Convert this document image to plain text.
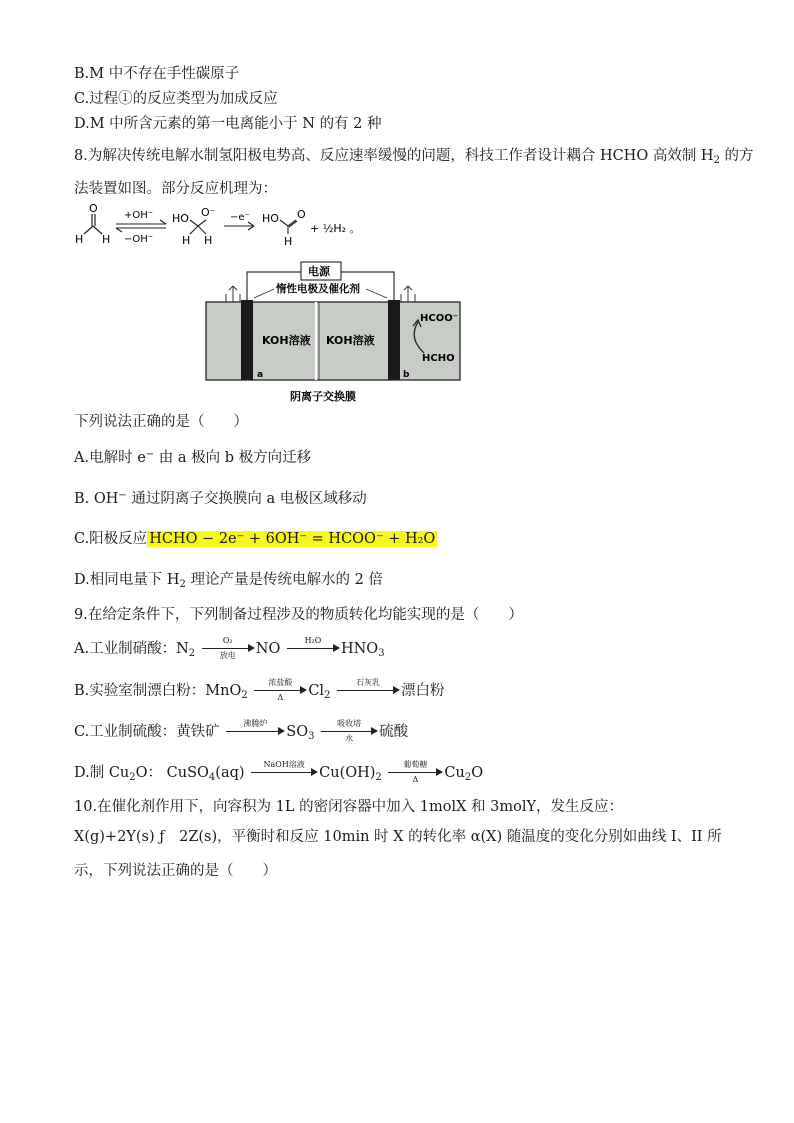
B.M 中不存在手性碳原子
C.过程①的反应类型为加成反应
D.M 中所含元素的第一电离能小于 N 的有 2 种
8.为解决传统电解水制氢阳极电势高、反应速率缓慢的问题，科技工作者设计耦合 HCHO 高效制 $H_2$ 的方
法装置如图。部分反应机理为：
O
H H
+OH⁻
−OH⁻
HO O⁻
H H
−e⁻ HO O
H
+ ½H₂ 。
电源
惰性电极及催化剂
KOH溶液 KOH溶液
a	b
HCOO⁻
HCHO
阴离子交换膜
下列说法正确的是（　　）
A.电解时 e− 由 a 极向 b 极方向迁移
B. OH− 通过阴离子交换膜向 a 电极区域移动
C.阳极反应 HCHO − 2e⁻ + 6OH⁻ = HCOO⁻ + H₂O
D.相同电量下 $H_2$ 理论产量是传统电解水的 2 倍
9.在给定条件下，下列制备过程涉及的物质转化均能实现的是（　　）
A.工业制硝酸：$N_2$
O₂
放电	NO
H₂O
$HNO_3$
B.实验室制漂白粉：MnO$_2$
浓盐酸
Δ	$Cl_2$
石灰乳
漂白粉
C.工业制硫酸：黄铁矿
沸腾炉
$SO_3$
吸收塔
水	硫酸
D.制 $Cu_2O$： CuSO$_4$(aq)
NaOH溶液
$Cu(OH)_2$
葡萄糖
Δ	$Cu_2O$
10.在催化剂作用下，向容积为 1L 的密闭容器中加入 1molX 和 3molY，发生反应：
X(g)+2Y(s) ƒ　2Z(s)，平衡时和反应 10min 时 X 的转化率 α(X) 随温度的变化分别如曲线 I、II 所
示，下列说法正确的是（　　）
